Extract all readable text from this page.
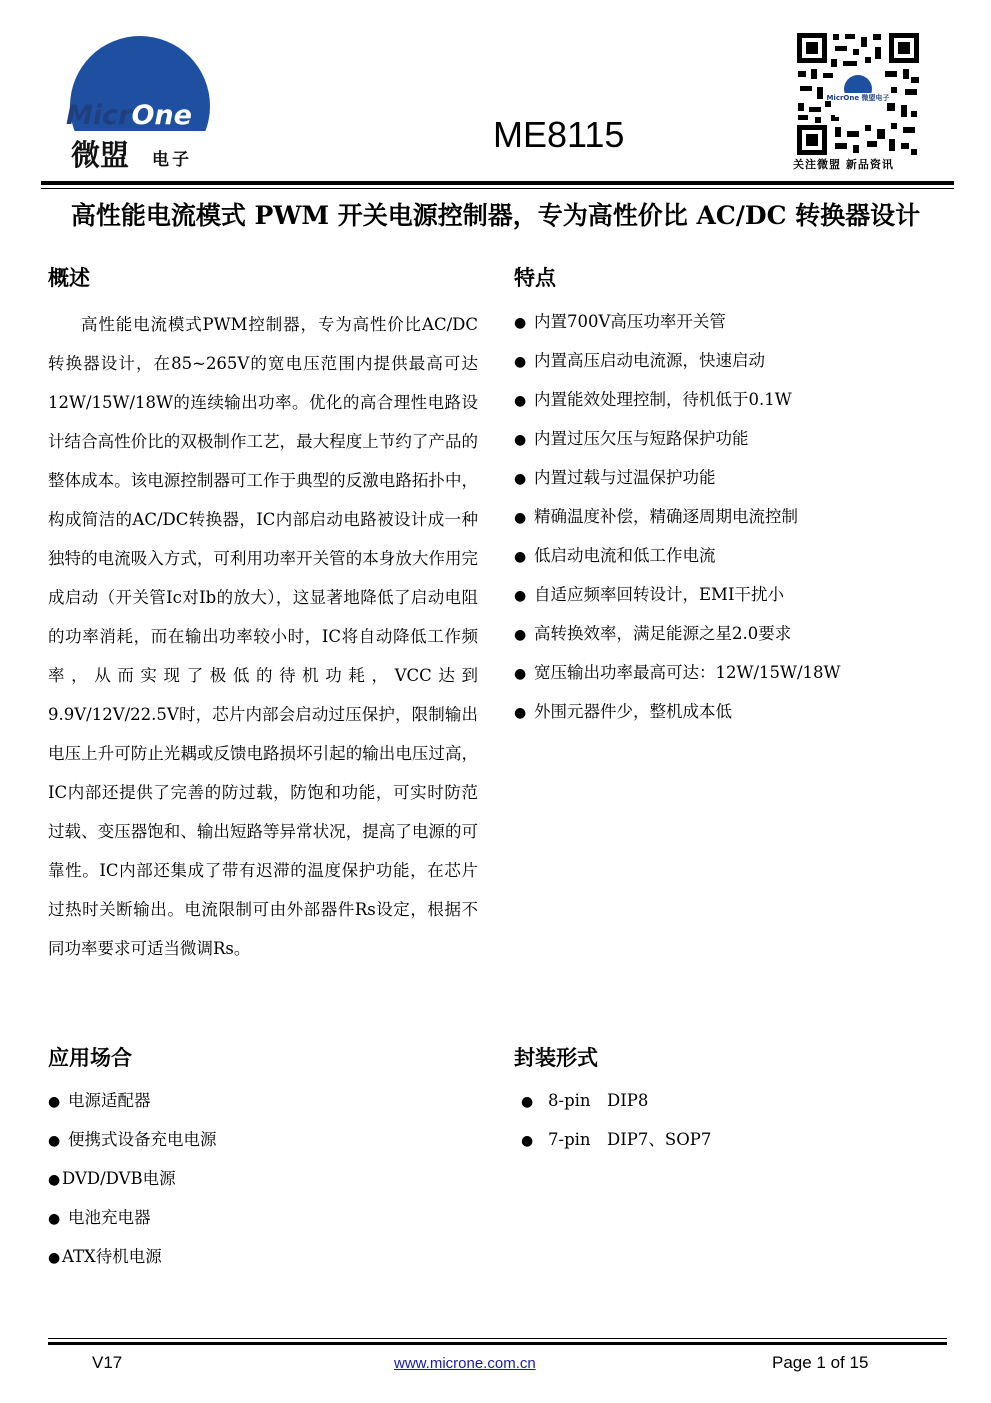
MicrOne
微盟 电子
ME8115
MicrOne 微盟电子
关注微盟 新品资讯
高性能电流模式 PWM 开关电源控制器，专为高性价比 AC/DC 转换器设计
概述

高性能电流模式PWM控制器，专为高性价比AC/DC转换器设计，在85~265V的宽电压范围内提供最高可达12W/15W/18W的连续输出功率。优化的高合理性电路设计结合高性价比的双极制作工艺，最大程度上节约了产品的整体成本。该电源控制器可工作于典型的反激电路拓扑中，构成简洁的AC/DC转换器，IC内部启动电路被设计成一种独特的电流吸入方式，可利用功率开关管的本身放大作用完成启动（开关管Ic对Ib的放大），这显著地降低了启动电阻的功率消耗，而在输出功率较小时，IC将自动降低工作频率，从而实现了极低的待机功耗，VCC达到9.9V/12V/22.5V时，芯片内部会启动过压保护，限制输出电压上升可防止光耦或反馈电路损坏引起的输出电压过高，IC内部还提供了完善的防过载，防饱和功能，可实时防范过载、变压器饱和、输出短路等异常状况，提高了电源的可靠性。IC内部还集成了带有迟滞的温度保护功能，在芯片过热时关断输出。电流限制可由外部器件Rs设定，根据不同功率要求可适当微调Rs。

特点
● 内置700V高压功率开关管
● 内置高压启动电流源，快速启动
● 内置能效处理控制，待机低于0.1W
● 内置过压欠压与短路保护功能
● 内置过载与过温保护功能
● 精确温度补偿，精确逐周期电流控制
● 低启动电流和低工作电流
● 自适应频率回转设计，EMI干扰小
● 高转换效率，满足能源之星2.0要求
● 宽压输出功率最高可达：12W/15W/18W
● 外围元器件少，整机成本低
应用场合
● 电源适配器
● 便携式设备充电电源
● DVD/DVB电源
● 电池充电器
● ATX待机电源
封装形式
● 8-pin　DIP8
● 7-pin　DIP7、SOP7
V17	www.microne.com.cn	Page 1 of 15
